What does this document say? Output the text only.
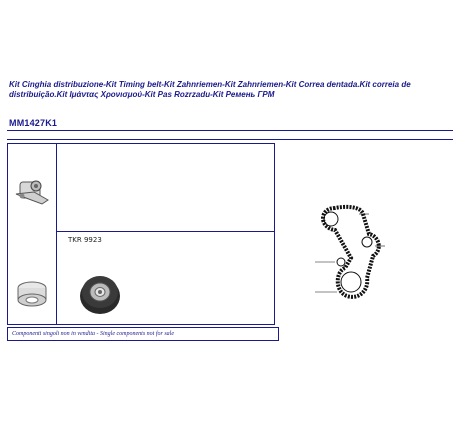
Kit Cinghia distribuzione-Kit Timing belt-Kit Zahnriemen-Kit Zahnriemen-Kit Correa dentada.Kit correia de distribuição.Kit Ιμάντας Χρονισμού-Kit Pas Rozrzadu-Kit Ремень ГРМ
MM1427K1
TKR 9923
Componenti singoli non in vendita - Single components not for sale
